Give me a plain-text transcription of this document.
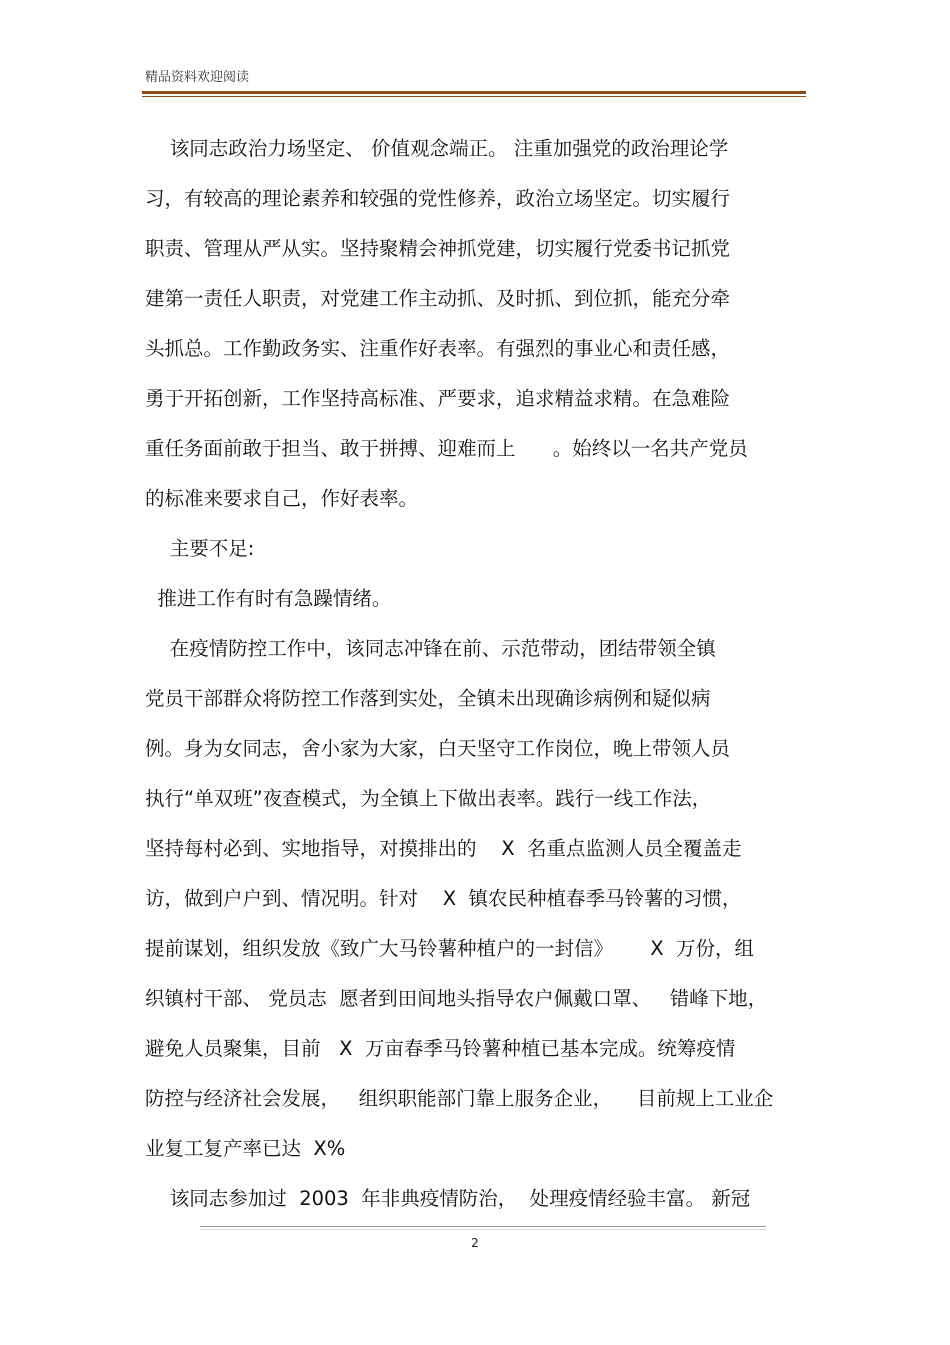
精品资料欢迎阅读
该同志政治力场坚定、 价值观念端正。 注重加强党的政治理论学
习，有较高的理论素养和较强的党性修养，政治立场坚定。切实履行
职责、管理从严从实。坚持聚精会神抓党建，切实履行党委书记抓党
建第一责任人职责，对党建工作主动抓、及时抓、到位抓，能充分牵
头抓总。工作勤政务实、注重作好表率。有强烈的事业心和责任感，
勇于开拓创新，工作坚持高标准、严要求，追求精益求精。在急难险
重任务面前敢于担当、敢于拼搏、迎难而上      。始终以一名共产党员
的标准来要求自己，作好表率。
主要不足:
推进工作有时有急躁情绪。
在疫情防控工作中，该同志冲锋在前、示范带动，团结带领全镇
党员干部群众将防控工作落到实处，全镇未出现确诊病例和疑似病
例。身为女同志，舍小家为大家，白天坚守工作岗位，晚上带领人员
执行“单双班”夜查模式，为全镇上下做出表率。践行一线工作法，
坚持每村必到、实地指导，对摸排出的    X  名重点监测人员全覆盖走
访，做到户户到、情况明。针对    X  镇农民种植春季马铃薯的习惯，
提前谋划，组织发放《致广大马铃薯种植户的一封信》      X  万份，组
织镇村干部、 党员志  愿者到田间地头指导农户佩戴口罩、   错峰下地，
避免人员聚集，目前   X  万亩春季马铃薯种植已基本完成。统筹疫情
防控与经济社会发展，   组织职能部门靠上服务企业，    目前规上工业企
业复工复产率已达  X%
该同志参加过  2003  年非典疫情防治，  处理疫情经验丰富。 新冠
2
